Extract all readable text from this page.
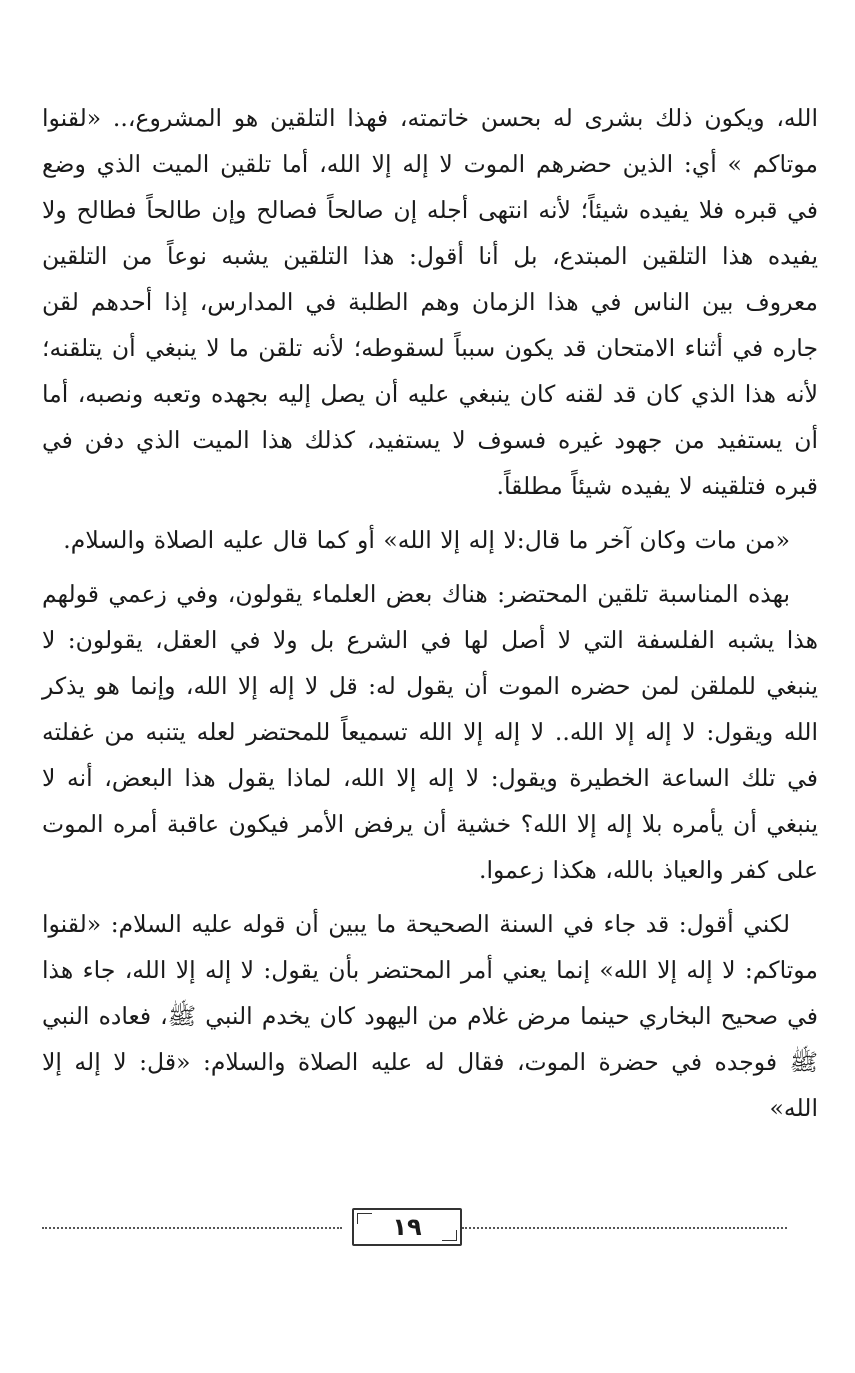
الله، ويكون ذلك بشرى له بحسن خاتمته، فهذا التلقين هو المشروع،.. «لقنوا موتاكم » أي: الذين حضرهم الموت لا إله إلا الله، أما تلقين الميت الذي وضع في قبره فلا يفيده شيئاً؛ لأنه انتهى أجله إن صالحاً فصالح وإن طالحاً فطالح ولا يفيده هذا التلقين المبتدع، بل أنا أقول: هذا التلقين يشبه نوعاً من التلقين معروف بين الناس في هذا الزمان وهم الطلبة في المدارس، إذا أحدهم لقن جاره في أثناء الامتحان قد يكون سبباً لسقوطه؛ لأنه تلقن ما لا ينبغي أن يتلقنه؛ لأنه هذا الذي كان قد لقنه كان ينبغي عليه أن يصل إليه بجهده وتعبه ونصبه، أما أن يستفيد من جهود غيره فسوف لا يستفيد، كذلك هذا الميت الذي دفن في قبره فتلقينه لا يفيده شيئاً مطلقاً.

«من مات وكان آخر ما قال:لا إله إلا الله» أو كما قال عليه الصلاة والسلام.

بهذه المناسبة تلقين المحتضر: هناك بعض العلماء يقولون، وفي زعمي قولهم هذا يشبه الفلسفة التي لا أصل لها في الشرع بل ولا في العقل، يقولون: لا ينبغي للملقن لمن حضره الموت أن يقول له: قل لا إله إلا الله، وإنما هو يذكر الله ويقول: لا إله إلا الله.. لا إله إلا الله تسميعاً للمحتضر لعله يتنبه من غفلته في تلك الساعة الخطيرة ويقول: لا إله إلا الله، لماذا يقول هذا البعض، أنه لا ينبغي أن يأمره بلا إله إلا الله؟ خشية أن يرفض الأمر فيكون عاقبة أمره الموت على كفر والعياذ بالله، هكذا زعموا.

لكني أقول: قد جاء في السنة الصحيحة ما يبين أن قوله عليه السلام: «لقنوا موتاكم: لا إله إلا الله» إنما يعني أمر المحتضر بأن يقول: لا إله إلا الله، جاء هذا في صحيح البخاري حينما مرض غلام من اليهود كان يخدم النبي ﷺ، فعاده النبي ﷺ فوجده في حضرة الموت، فقال له عليه الصلاة والسلام: «قل: لا إله إلا الله»

١٩
